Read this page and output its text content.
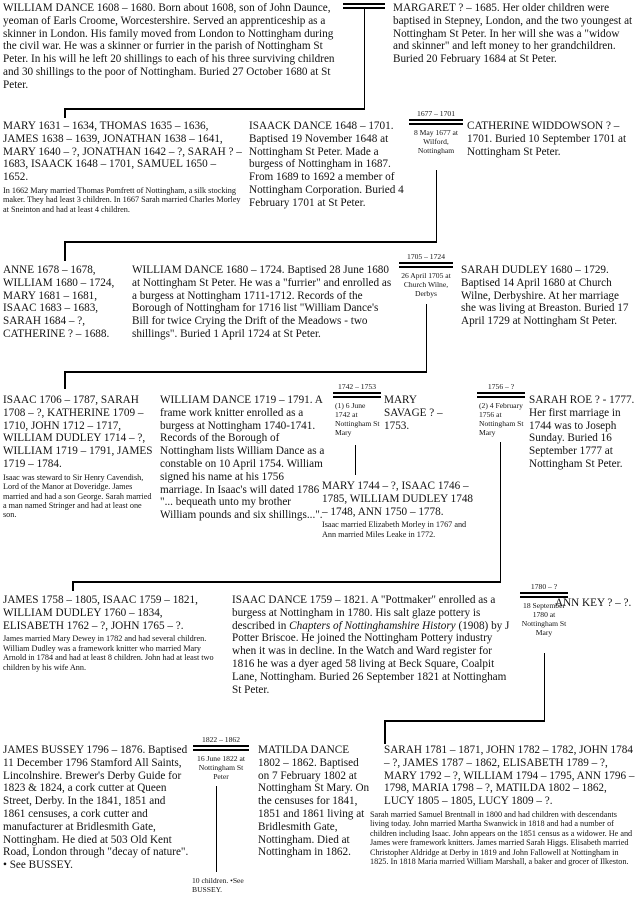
WILLIAM DANCE 1608 – 1680. Born about 1608, son of John Daunce, yeoman of Earls Croome, Worcestershire. Served an apprenticeship as a skinner in London. His family moved from London to Nottingham during the civil war. He was a skinner or furrier in the parish of Nottingham St Peter. In his will he left 20 shillings to each of his three surviving children and 30 shillings to the poor of Nottingham. Buried 27 October 1680 at St Peter.
MARGARET ? – 1685. Her older children were baptised in Stepney, London, and the two youngest at Nottingham St Peter. In her will she was a "widow and skinner" and left money to her grandchildren. Buried 20 February 1684 at St Peter.

MARY 1631 – 1634, THOMAS 1635 – 1636, JAMES 1638 – 1639, JONATHAN 1638 – 1641, MARY 1640 – ?, JONATHAN 1642 – ?, SARAH ? – 1683, ISAACK 1648 – 1701, SAMUEL 1650 – 1652.

In 1662 Mary married Thomas Pomfrett of Nottingham, a silk stocking maker. They had least 3 children. In 1667 Sarah married Charles Morley at Sneinton and had at least 4 children.

ISAACK DANCE 1648 – 1701. Baptised 19 November 1648 at Nottingham St Peter. Made a burgess of Nottingham in 1687. From 1689 to 1692 a member of Nottingham Corporation. Buried 4 February 1701 at St Peter.
1677 – 1701
8 May 1677 at Wilford, Nottingham
CATHERINE WIDDOWSON ? – 1701. Buried 10 September 1701 at Nottingham St Peter.
ANNE 1678 – 1678, WILLIAM 1680 – 1724, MARY 1681 – 1681, ISAAC 1683 – 1683, SARAH 1684 – ?, CATHERINE ? – 1688.
WILLIAM DANCE 1680 – 1724. Baptised 28 June 1680 at Nottingham St Peter. He was a "furrier" and enrolled as a burgess at Nottingham 1711-1712. Records of the Borough of Nottingham for 1716 list "William Dance's Bill for twice Crying the Drift of the Meadows - two shillings". Buried 1 April 1724 at St Peter.
1705 – 1724
26 April 1705 at Church Wilne, Derbys
SARAH DUDLEY 1680 – 1729. Baptised 14 April 1680 at Church Wilne, Derbyshire. At her marriage she was living at Breaston. Buried 17 April 1729 at Nottingham St Peter.

ISAAC 1706 – 1787, SARAH 1708 – ?, KATHERINE 1709 – 1710, JOHN 1712 – 1717, WILLIAM DUDLEY 1714 – ?, WILLIAM 1719 – 1791, JAMES 1719 – 1784.

Isaac was steward to Sir Henry Cavendish, Lord of the Manor at Doveridge. James married and had a son George. Sarah married a man named Stringer and had at least one son.

WILLIAM DANCE 1719 – 1791. A frame work knitter enrolled as a burgess at Nottingham 1740-1741. Records of the Borough of Nottingham lists William Dance as a constable on 10 April 1754. William signed his name at his 1756 marriage. In Isaac's will dated 1786 "... bequeath unto my brother William pounds and six shillings...".
1742 – 1753
(1) 6 June 1742 at Nottingham St Mary
MARY SAVAGE ? – 1753.
1756 – ?
(2) 4 February 1756 at Nottingham St Mary
SARAH ROE ? - 1777. Her first marriage in 1744 was to Joseph Sunday. Buried 16 September 1777 at Nottingham St Peter.

MARY 1744 – ?, ISAAC 1746 – 1785, WILLIAM DUDLEY 1748 – 1748, ANN 1750 – 1778.

Isaac married Elizabeth Morley in 1767 and Ann married Miles Leake in 1772.

JAMES 1758 – 1805, ISAAC 1759 – 1821, WILLIAM DUDLEY 1760 – 1834, ELISABETH 1762 – ?, JOHN 1765 – ?.

James married Mary Dewey in 1782 and had several children. William Dudley was a framework knitter who married Mary Arnold in 1784 and had at least 8 children. John had at least two children by his wife Ann.

ISAAC DANCE 1759 – 1821. A "Pottmaker" enrolled as a burgess at Nottingham in 1780. His salt glaze pottery is described in Chapters of Nottinghamshire History (1908) by J Potter Briscoe. He joined the Nottingham Pottery industry when it was in decline. In the Watch and Ward register for 1816 he was a dyer aged 58 living at Beck Square, Coalpit Lane, Nottingham. Buried 26 September 1821 at Nottingham St Peter.
1780 – ?
18 September 1780 at Nottingham St Mary
ANN KEY ? – ?.
JAMES BUSSEY 1796 – 1876. Baptised 11 December 1796 Stamford All Saints, Lincolnshire. Brewer's Derby Guide for 1823 & 1824, a cork cutter at Queen Street, Derby. In the 1841, 1851 and 1861 censuses, a cork cutter and manufacturer at Bridlesmith Gate, Nottingham. He died at 503 Old Kent Road, London through "decay of nature". • See BUSSEY.
1822 – 1862
16 June 1822 at Nottingham St Peter
10 children. •See BUSSEY.
MATILDA DANCE 1802 – 1862. Baptised on 7 February 1802 at Nottingham St Mary. On the censuses for 1841, 1851 and 1861 living at Bridlesmith Gate, Nottingham. Died at Nottingham in 1862.

SARAH 1781 – 1871, JOHN 1782 – 1782, JOHN 1784 – ?, JAMES 1787 – 1862, ELISABETH 1789 – ?, MARY 1792 – ?, WILLIAM 1794 – 1795, ANN 1796 – 1798, MARIA 1798 – ?, MATILDA 1802 – 1862, LUCY 1805 – 1805, LUCY 1809 – ?.

Sarah married Samuel Brentnall in 1800 and had children with descendants living today. John married Martha Swanwick in 1818 and had a number of children including Isaac. John appears on the 1851 census as a widower. He and James were framework knitters. James married Sarah Higgs. Elisabeth married Christopher Aldridge at Derby in 1819 and John Fallowell at Nottingham in 1825. In 1818 Maria married William Marshall, a baker and grocer of Ilkeston.
